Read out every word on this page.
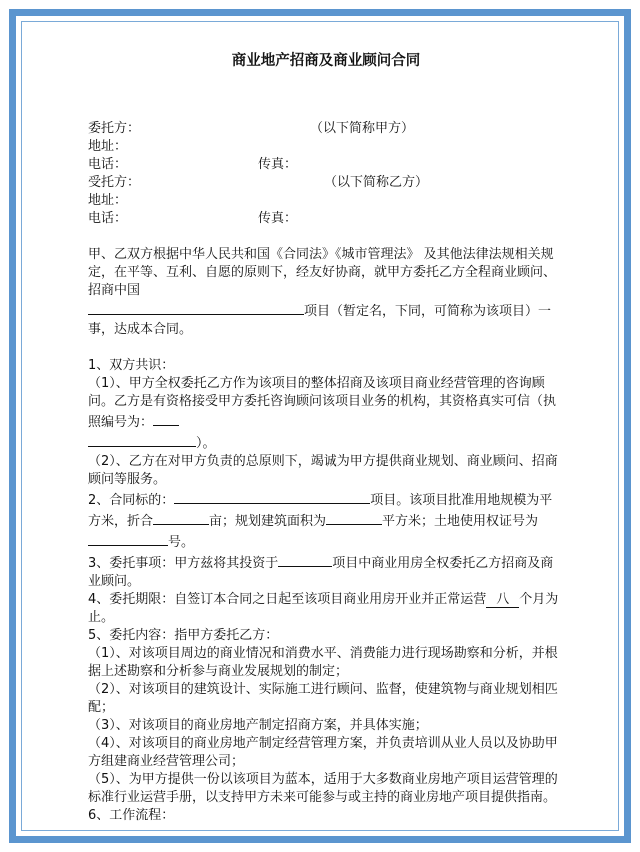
商业地产招商及商业顾问合同
委托方：	（以下简称甲方）
地址：
电话：	传真：
受托方：	（以下简称乙方）
地址：
电话：	传真：

甲、乙双方根据中华人民共和国《合同法》《城市管理法》 及其他法律法规相关规定，在平等、互利、自愿的原则下，经友好协商，就甲方委托乙方全程商业顾问、招商中国
项目（暂定名，下同，可简称为该项目）一事，达成本合同。

1、双方共识：

（1）、甲方全权委托乙方作为该项目的整体招商及该项目商业经营管理的咨询顾问。乙方是有资格接受甲方委托咨询顾问该项目业务的机构，其资格真实可信（执照编号为：
）。

（2）、乙方在对甲方负责的总原则下，竭诚为甲方提供商业规划、商业顾问、招商顾问等服务。

2、合同标的：	项目。该项目批准用地规模为平方米，折合	亩；规划建筑面积为	平方米；土地使用权证号为号。

3、委托事项：甲方兹将其投资于	项目中商业用房全权委托乙方招商及商业顾问。

4、委托期限：自签订本合同之日起至该项目商业用房开业并正常运营 八 个月为止。

5、委托内容：指甲方委托乙方：

（1）、对该项目周边的商业情况和消费水平、消费能力进行现场勘察和分析，并根据上述勘察和分析参与商业发展规划的制定；

（2）、对该项目的建筑设计、实际施工进行顾问、监督，使建筑物与商业规划相匹配；

（3）、对该项目的商业房地产制定招商方案，并具体实施；

（4）、对该项目的商业房地产制定经营管理方案，并负责培训从业人员以及协助甲方组建商业经营管理公司；

（5）、为甲方提供一份以该项目为蓝本，适用于大多数商业房地产项目运营管理的标准行业运营手册，以支持甲方未来可能参与或主持的商业房地产项目提供指南。

6、工作流程：
